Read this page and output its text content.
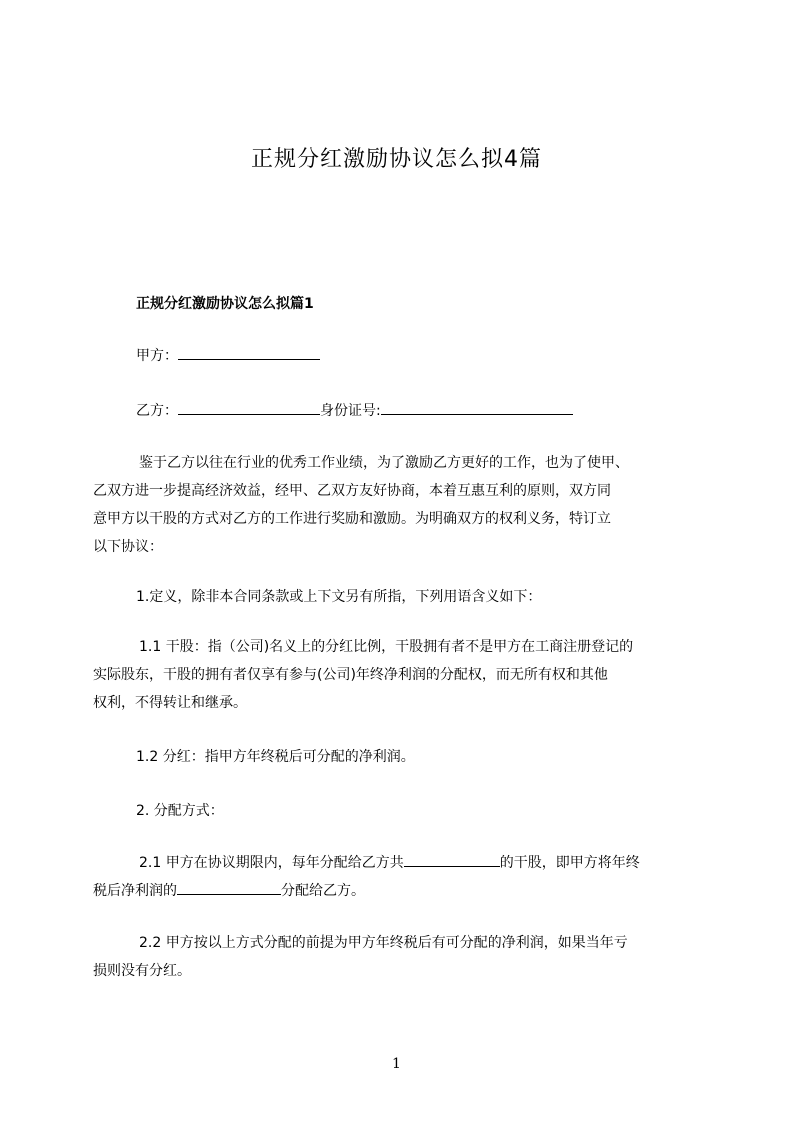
正规分红激励协议怎么拟4篇
正规分红激励协议怎么拟篇1
甲方：
乙方：	身份证号:
鉴于乙方以往在行业的优秀工作业绩，为了激励乙方更好的工作，也为了使甲、
乙双方进一步提高经济效益，经甲、乙双方友好协商，本着互惠互利的原则，双方同
意甲方以干股的方式对乙方的工作进行奖励和激励。为明确双方的权利义务，特订立
以下协议：
1.定义，除非本合同条款或上下文另有所指，下列用语含义如下：
1.1 干股：指（公司)名义上的分红比例，干股拥有者不是甲方在工商注册登记的
实际股东，干股的拥有者仅享有参与(公司)年终净利润的分配权，而无所有权和其他
权利，不得转让和继承。
1.2 分红：指甲方年终税后可分配的净利润。
2. 分配方式：
2.1 甲方在协议期限内，每年分配给乙方共	的干股，即甲方将年终
税后净利润的	分配给乙方。
2.2 甲方按以上方式分配的前提为甲方年终税后有可分配的净利润，如果当年亏
损则没有分红。
1
